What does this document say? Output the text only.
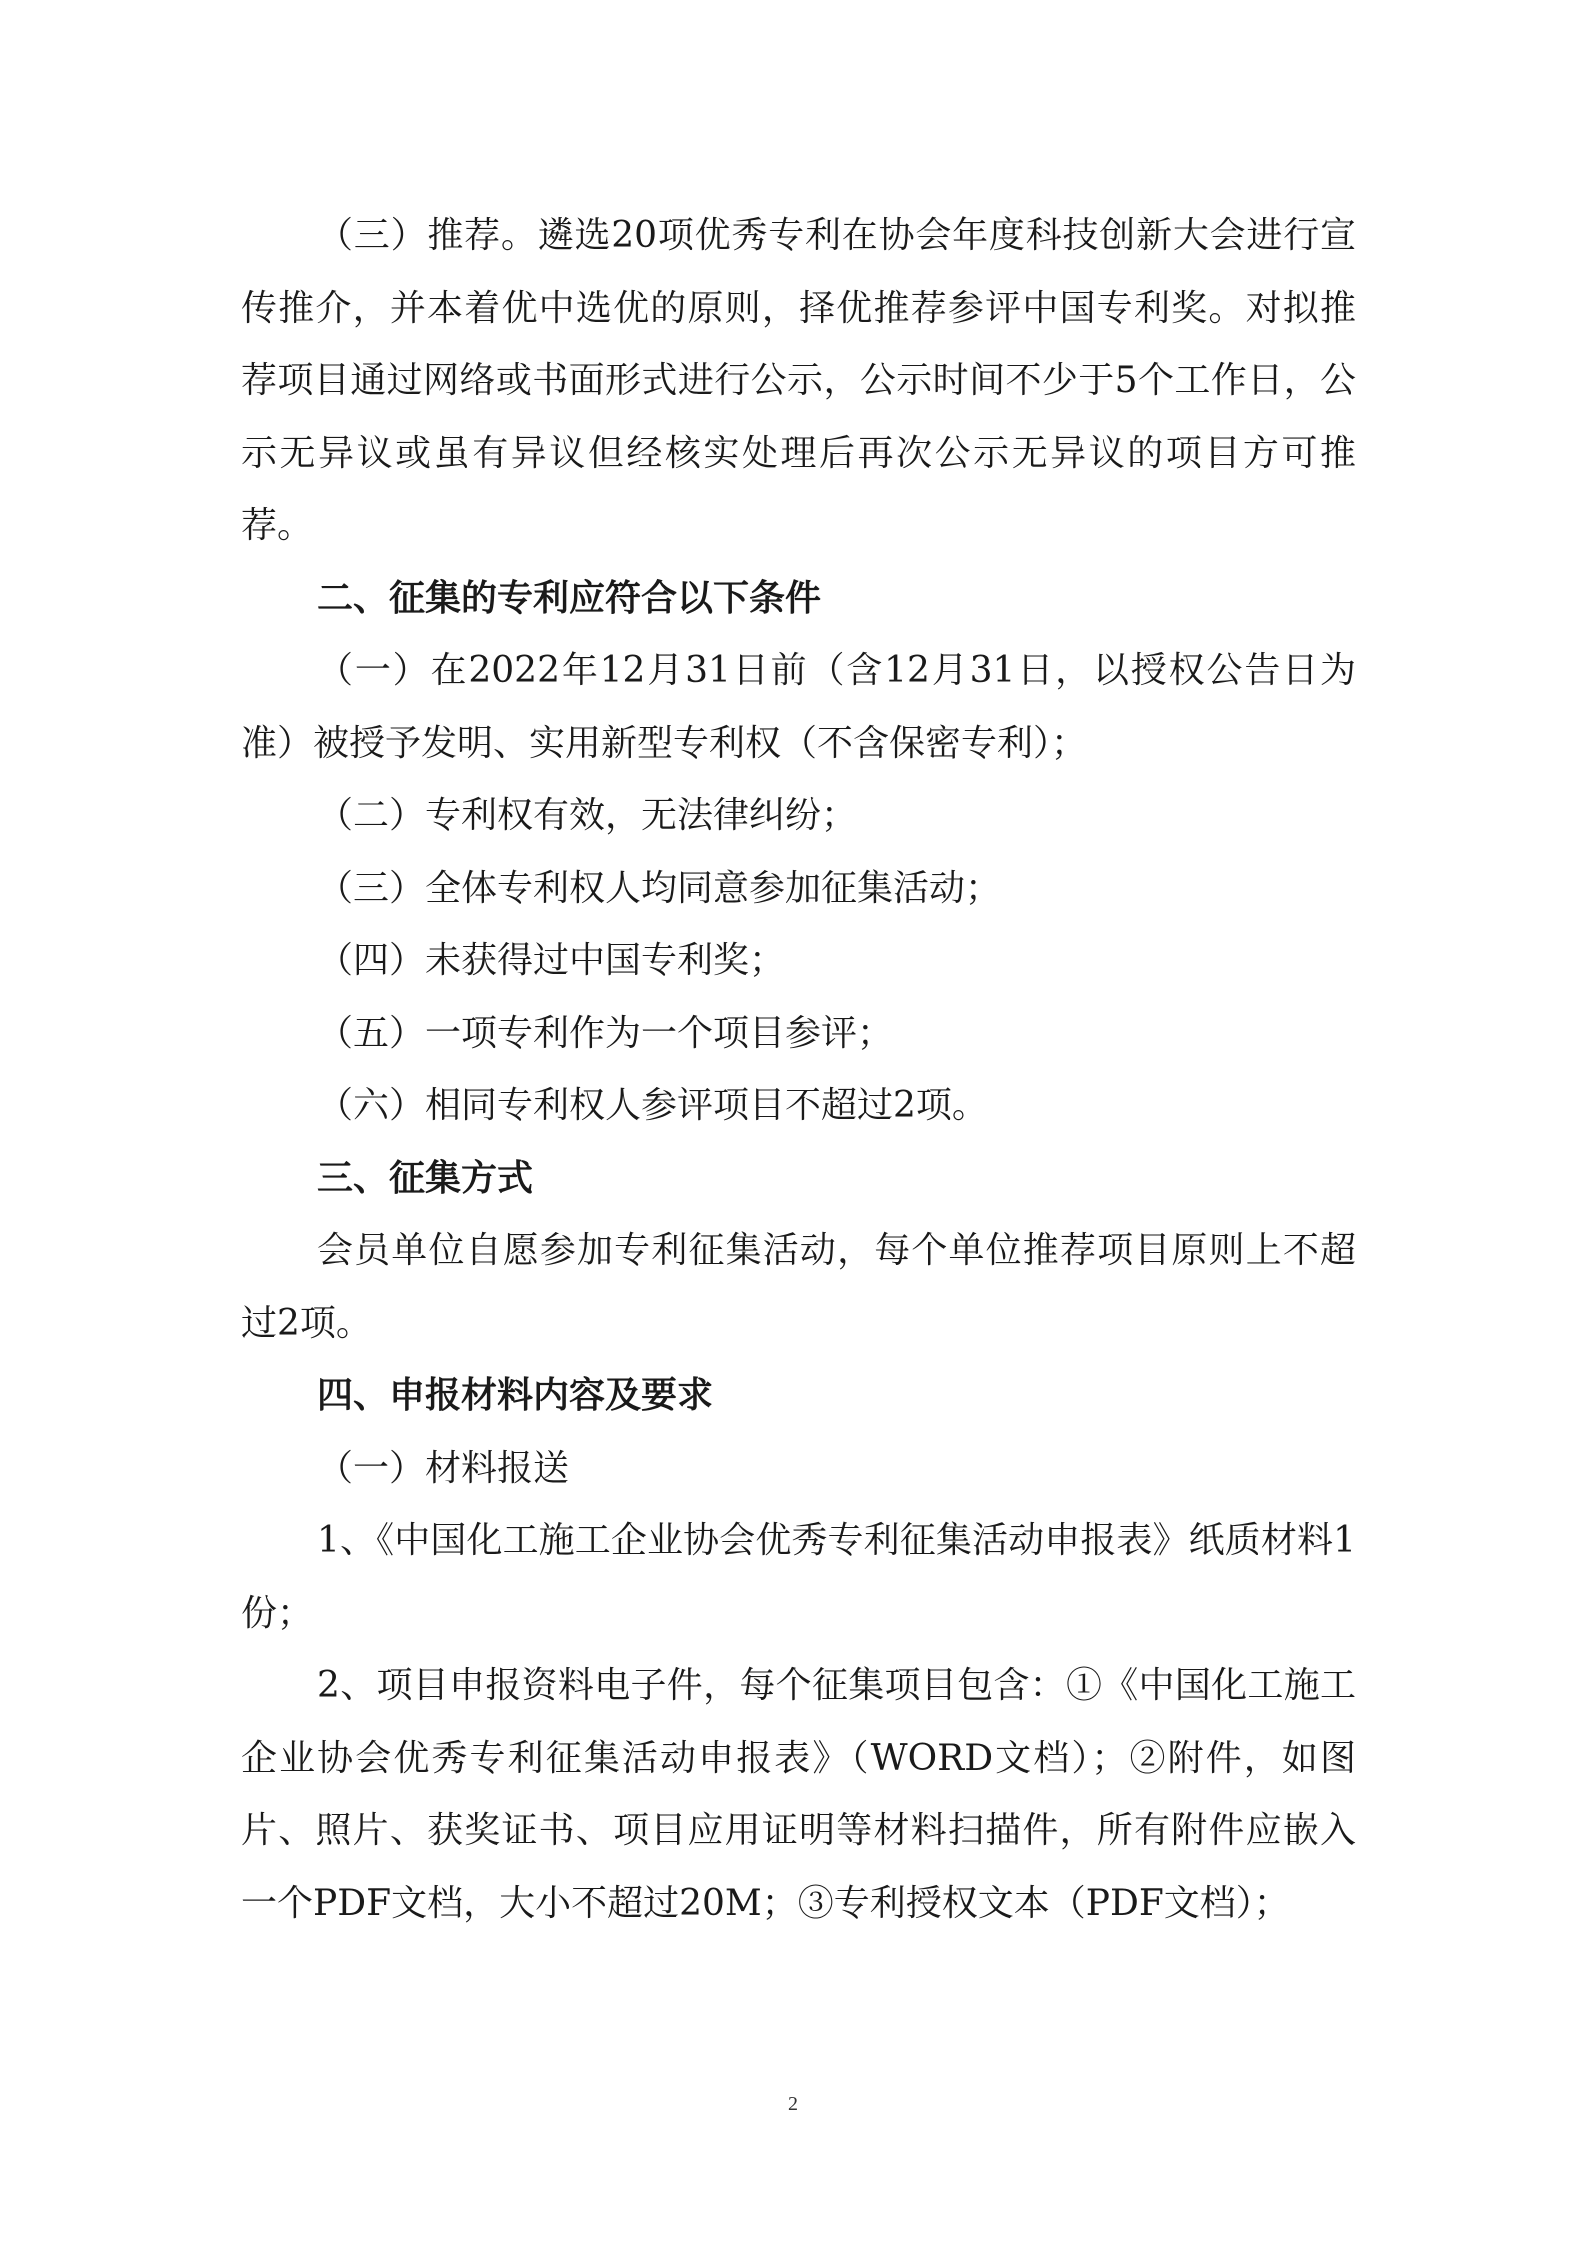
（三）推荐。遴选20项优秀专利在协会年度科技创新大会进行宣传推介，并本着优中选优的原则，择优推荐参评中国专利奖。对拟推荐项目通过网络或书面形式进行公示，公示时间不少于5个工作日，公示无异议或虽有异议但经核实处理后再次公示无异议的项目方可推荐。

二、征集的专利应符合以下条件

（一）在2022年12月31日前（含12月31日，以授权公告日为准）被授予发明、实用新型专利权（不含保密专利）；

（二）专利权有效，无法律纠纷；

（三）全体专利权人均同意参加征集活动；

（四）未获得过中国专利奖；

（五）一项专利作为一个项目参评；

（六）相同专利权人参评项目不超过2项。

三、征集方式

会员单位自愿参加专利征集活动，每个单位推荐项目原则上不超过2项。

四、申报材料内容及要求

（一）材料报送

1、《中国化工施工企业协会优秀专利征集活动申报表》纸质材料1份；

2、项目申报资料电子件，每个征集项目包含：①《中国化工施工企业协会优秀专利征集活动申报表》（WORD文档）；②附件，如图片、照片、获奖证书、项目应用证明等材料扫描件，所有附件应嵌入一个PDF文档，大小不超过20M；③专利授权文本（PDF文档）；

2
